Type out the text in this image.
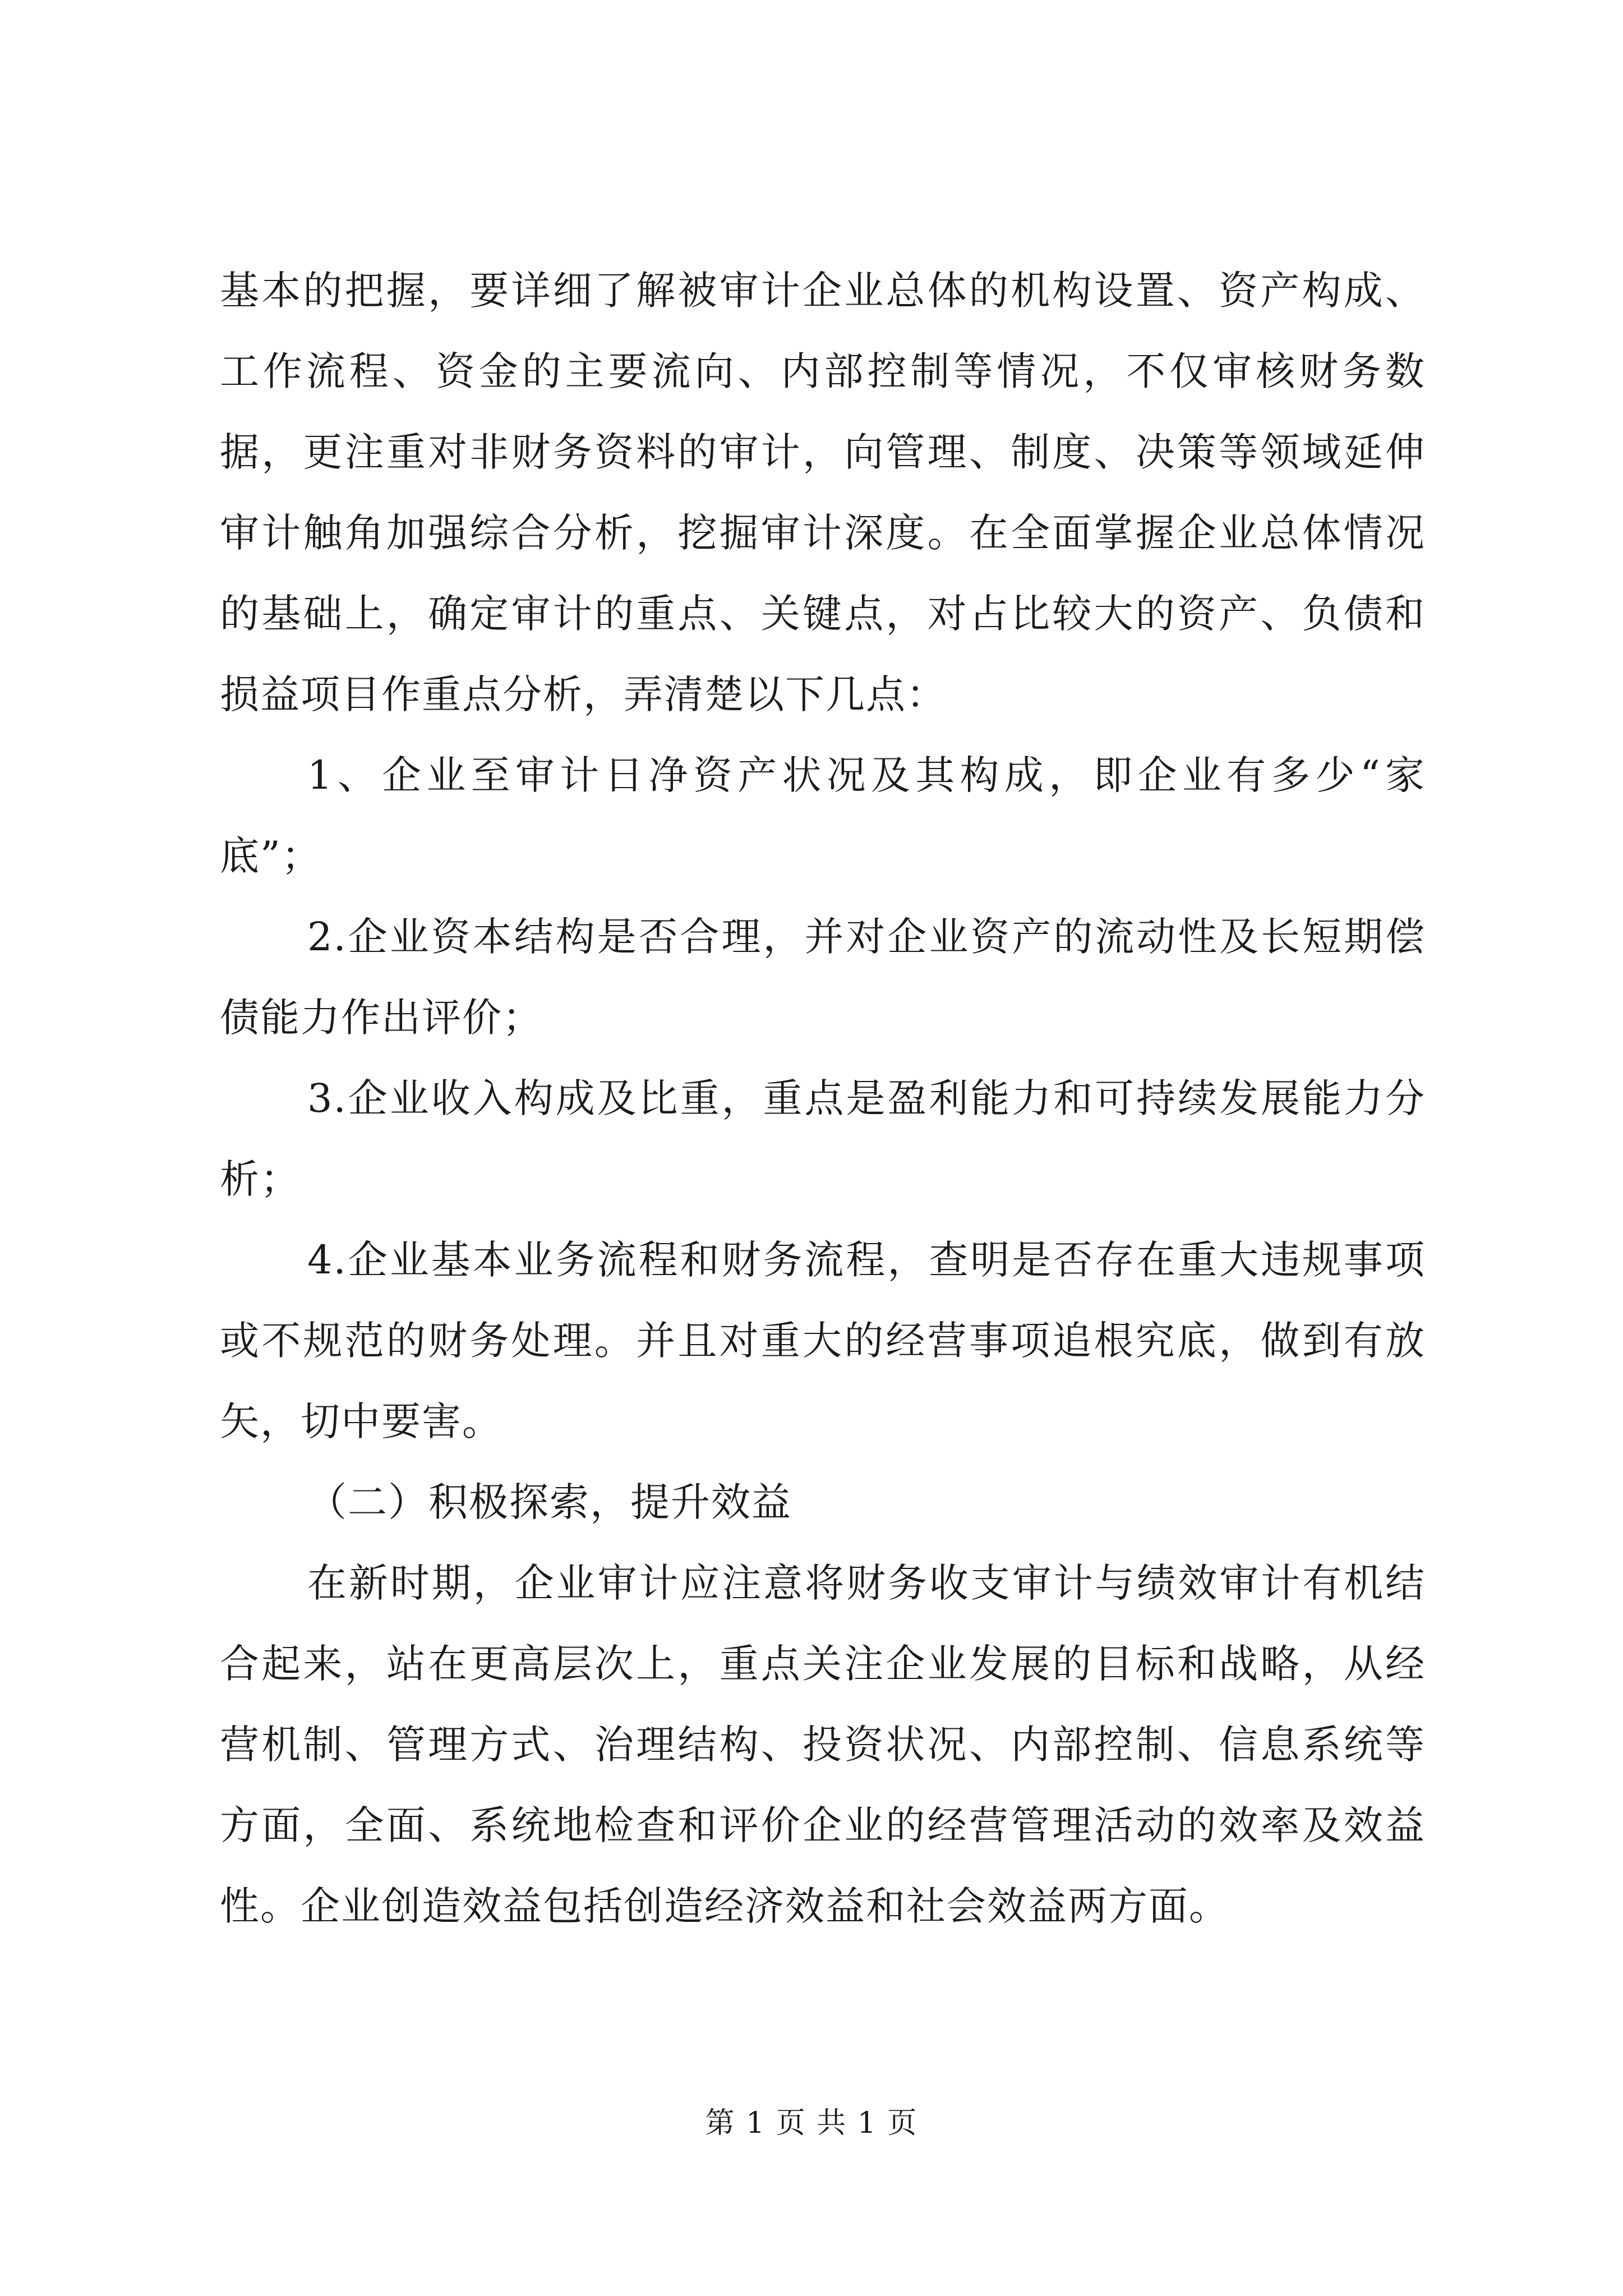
基本的把握，要详细了解被审计企业总体的机构设置、资产构成、工作流程、资金的主要流向、内部控制等情况，不仅审核财务数据，更注重对非财务资料的审计，向管理、制度、决策等领域延伸审计触角加强综合分析，挖掘审计深度。在全面掌握企业总体情况的基础上，确定审计的重点、关键点，对占比较大的资产、负债和损益项目作重点分析，弄清楚以下几点：

1、企业至审计日净资产状况及其构成，即企业有多少“家底”；

2.企业资本结构是否合理，并对企业资产的流动性及长短期偿债能力作出评价；

3.企业收入构成及比重，重点是盈利能力和可持续发展能力分析；

4.企业基本业务流程和财务流程，查明是否存在重大违规事项或不规范的财务处理。并且对重大的经营事项追根究底，做到有放矢，切中要害。

（二）积极探索，提升效益

在新时期，企业审计应注意将财务收支审计与绩效审计有机结合起来，站在更高层次上，重点关注企业发展的目标和战略，从经营机制、管理方式、治理结构、投资状况、内部控制、信息系统等方面，全面、系统地检查和评价企业的经营管理活动的效率及效益性。企业创造效益包括创造经济效益和社会效益两方面。

第 1 页 共 1 页
